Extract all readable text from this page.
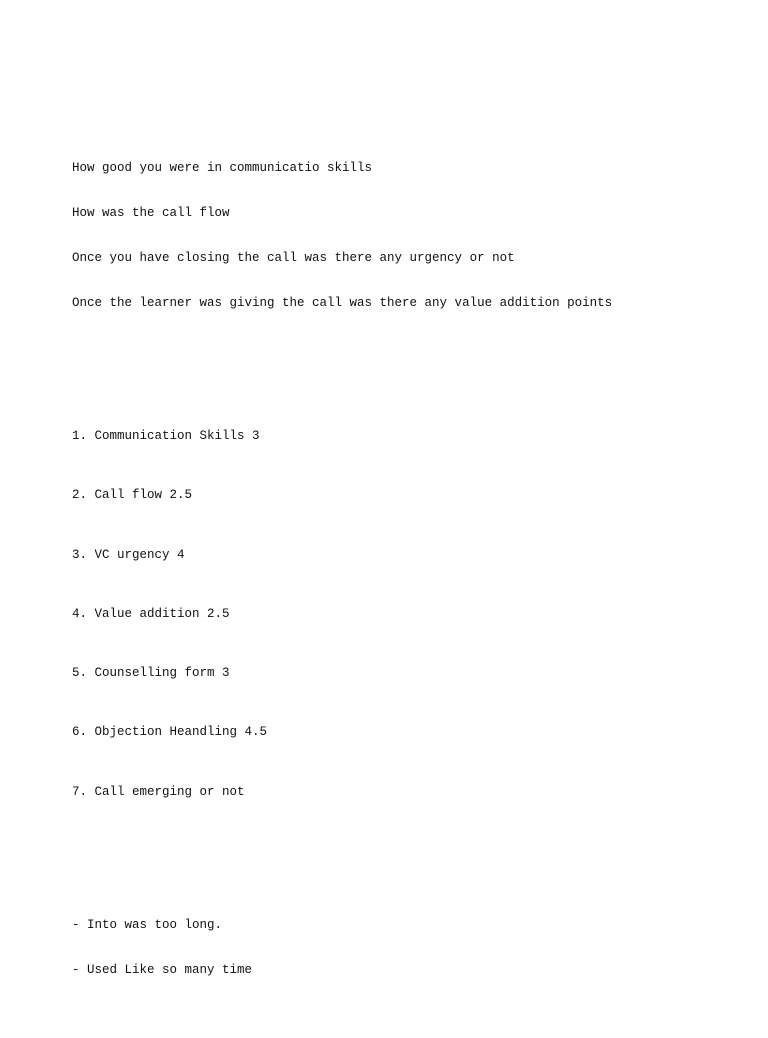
How good you were in communicatio skills

How was the call flow

Once you have closing the call was there any urgency or not

Once the learner was giving the call was there any value addition points

1. Communication Skills 3

2. Call flow 2.5

3. VC urgency 4

4. Value addition 2.5

5. Counselling form 3

6. Objection Heandling 4.5

7. Call emerging or not

- Into was too long.

- Used Like so many time
